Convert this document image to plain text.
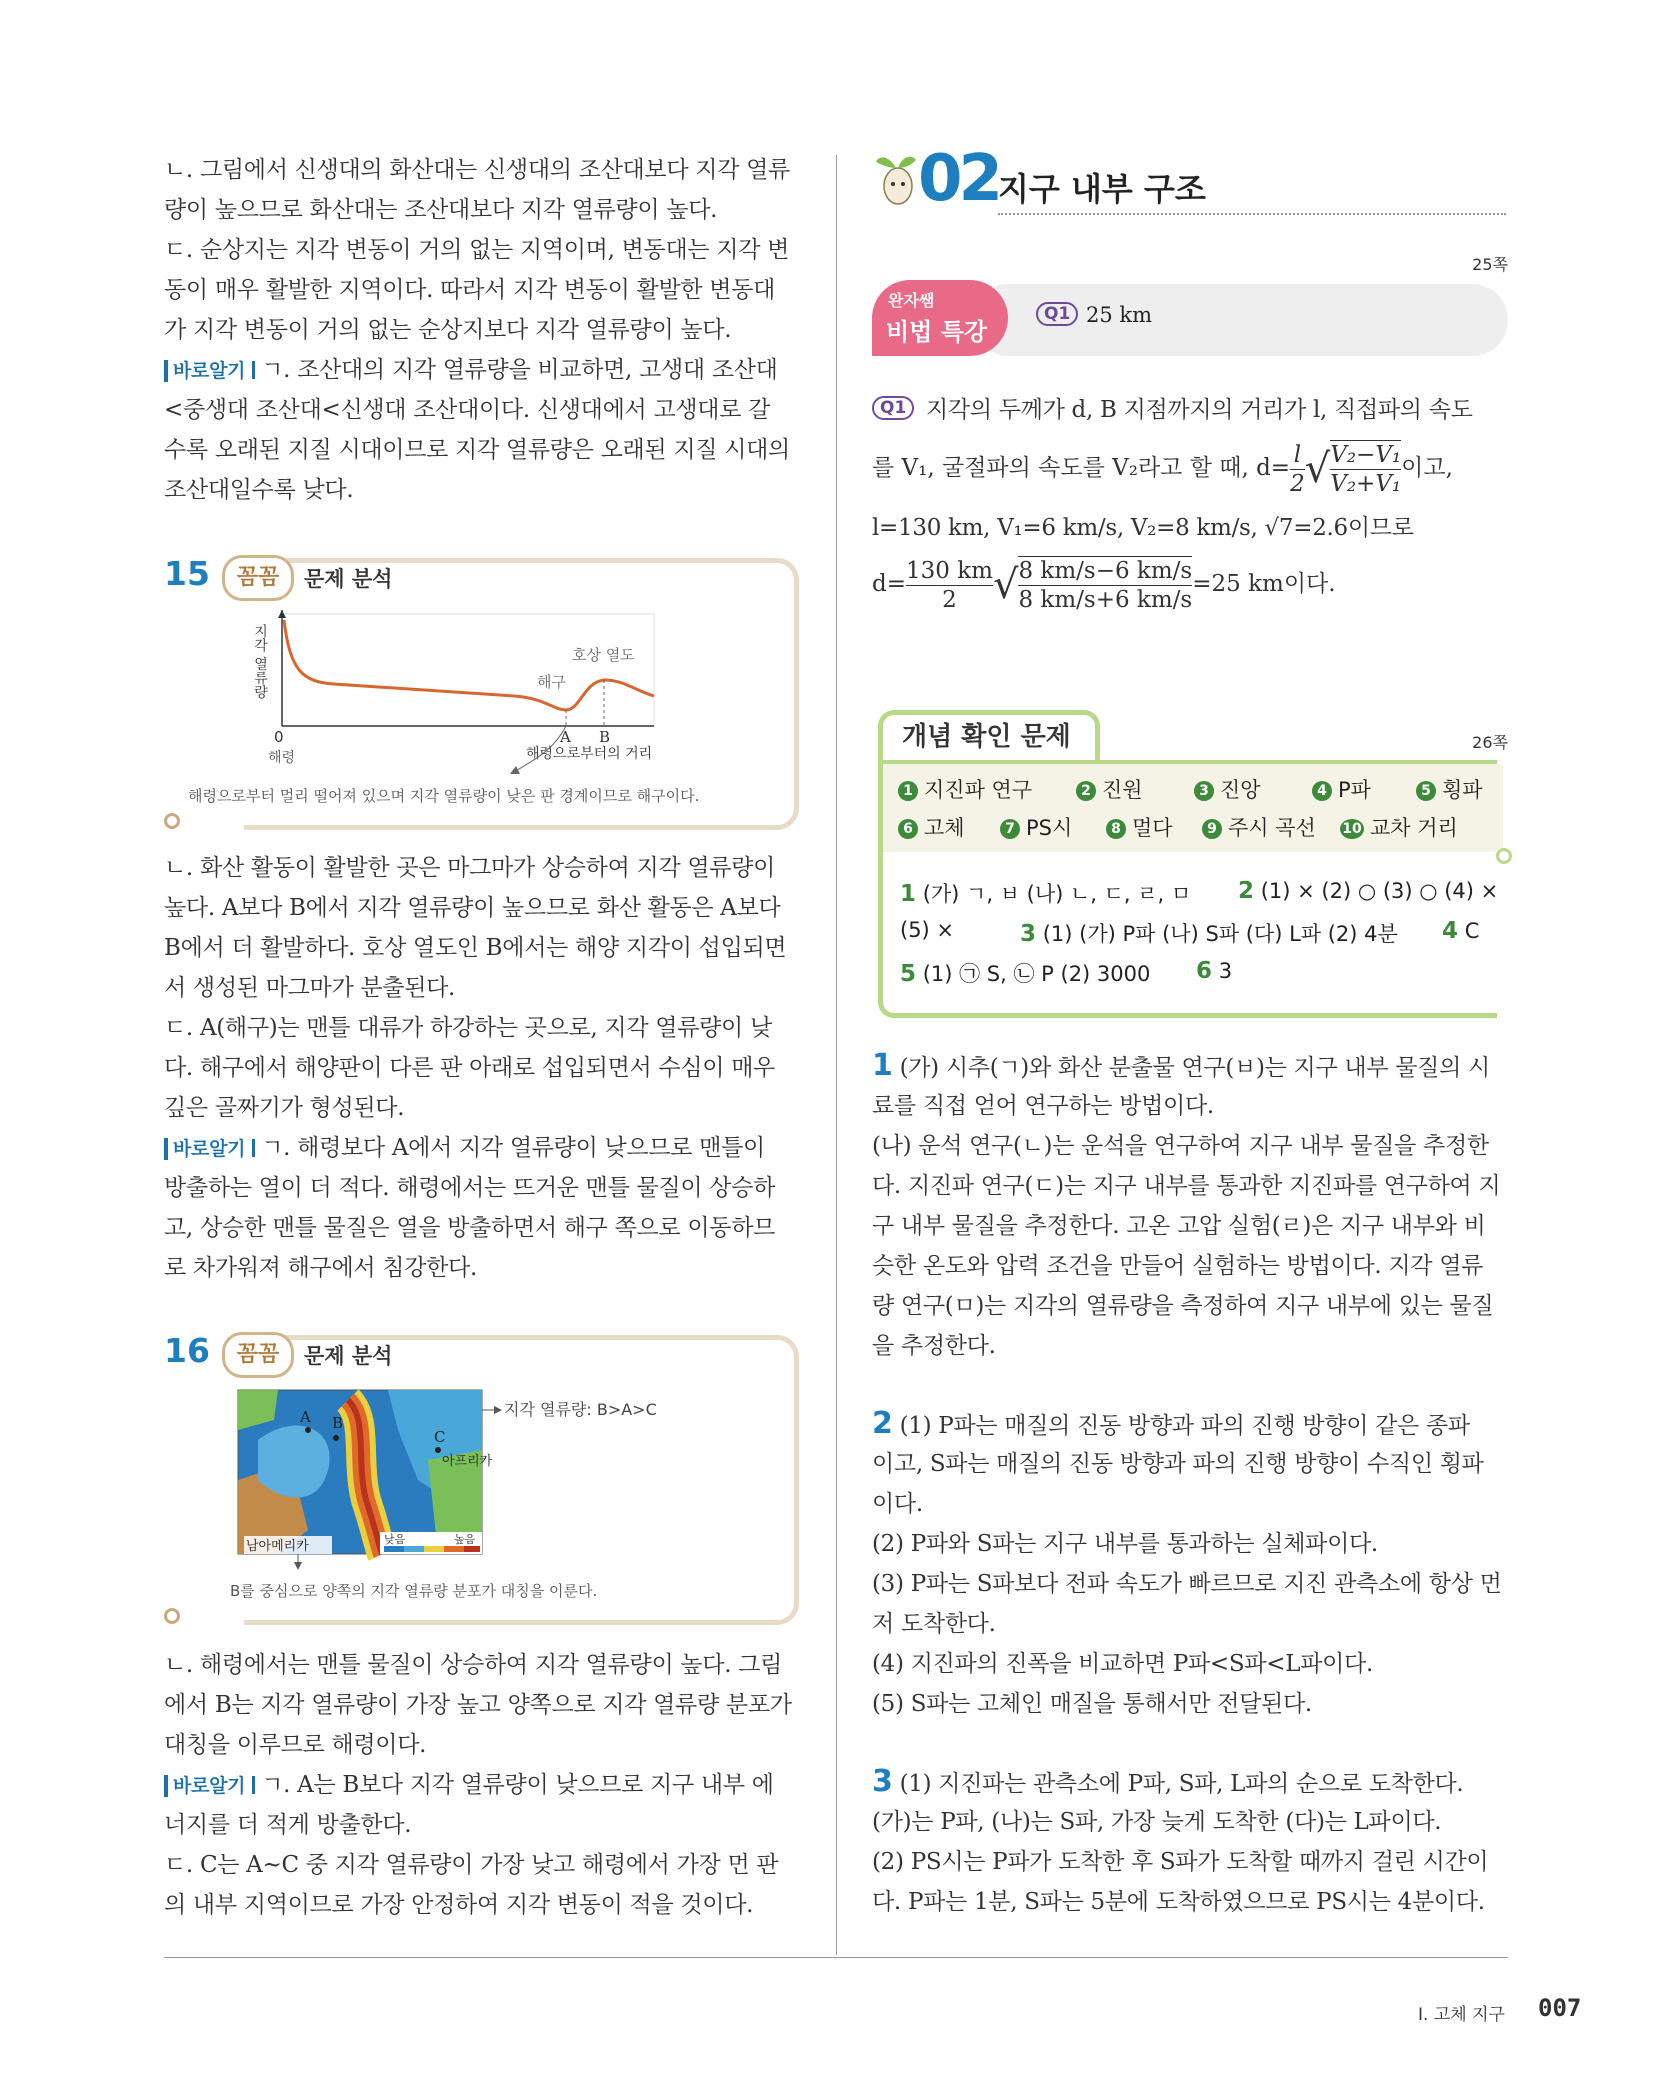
ㄴ. 그림에서 신생대의 화산대는 신생대의 조산대보다 지각 열류

량이 높으므로 화산대는 조산대보다 지각 열류량이 높다.

ㄷ. 순상지는 지각 변동이 거의 없는 지역이며, 변동대는 지각 변

동이 매우 활발한 지역이다. 따라서 지각 변동이 활발한 변동대

가 지각 변동이 거의 없는 순상지보다 지각 열류량이 높다.

바로알기 ㄱ. 조산대의 지각 열류량을 비교하면, 고생대 조산대

<중생대 조산대<신생대 조산대이다. 신생대에서 고생대로 갈

수록 오래된 지질 시대이므로 지각 열류량은 오래된 지질 시대의

조산대일수록 낮다.

15	꼼꼼	문제 분석
해구
호상 열도
A B
0
해령	해령으로부터의 거리
지각 열류량
해령으로부터 멀리 떨어져 있으며 지각 열류량이 낮은 판 경계이므로 해구이다.

ㄴ. 화산 활동이 활발한 곳은 마그마가 상승하여 지각 열류량이

높다. A보다 B에서 지각 열류량이 높으므로 화산 활동은 A보다

B에서 더 활발하다. 호상 열도인 B에서는 해양 지각이 섭입되면

서 생성된 마그마가 분출된다.

ㄷ. A(해구)는 맨틀 대류가 하강하는 곳으로, 지각 열류량이 낮

다. 해구에서 해양판이 다른 판 아래로 섭입되면서 수심이 매우

깊은 골짜기가 형성된다.

바로알기 ㄱ. 해령보다 A에서 지각 열류량이 낮으므로 맨틀이

방출하는 열이 더 적다. 해령에서는 뜨거운 맨틀 물질이 상승하

고, 상승한 맨틀 물질은 열을 방출하면서 해구 쪽으로 이동하므

로 차가워져 해구에서 침강한다.

16	꼼꼼	문제 분석
A B
C
아프리카
남아메리카	낮음	높음
지각 열류량: B>A>C
B를 중심으로 양쪽의 지각 열류량 분포가 대칭을 이룬다.

ㄴ. 해령에서는 맨틀 물질이 상승하여 지각 열류량이 높다. 그림

에서 B는 지각 열류량이 가장 높고 양쪽으로 지각 열류량 분포가

대칭을 이루므로 해령이다.

바로알기 ㄱ. A는 B보다 지각 열류량이 낮으므로 지구 내부 에

너지를 더 적게 방출한다.

ㄷ. C는 A~C 중 지각 열류량이 가장 낮고 해령에서 가장 먼 판

의 내부 지역이므로 가장 안정하여 지각 변동이 적을 것이다.

02
지구 내부 구조
25쪽
완자쌤
비법 특강
Q1 25 km
Q1 지각의 두께가 d, B 지점까지의 거리가 l, 직접파의 속도

를 V₁, 굴절파의 속도를 V₂라고 할 때, $d= \frac{l}{2}$ √ $\frac{\text{V₂−V₁}}{\text{V₂+V₁}}$ 이고,

l=130 km, V₁=6 km/s, V₂=8 km/s, √7=2.6이므로

$d= \frac{130 km}{2}$ √ $\frac{8 km/s-6 km/s}{8 km/s+6 km/s} =25$ km이다.
개념 확인 문제	26쪽
1 지진파 연구	2 진원	3 진앙	4 P파	5 횡파
6 고체	7 PS시	8 멀다	9 주시 곡선 10 교차 거리
1 (가) ㄱ, ㅂ (나) ㄴ, ㄷ, ㄹ, ㅁ 2 (1) × (2) ○ (3) ○ (4) ×
(5) ×	3 (1) (가) P파 (나) S파 (다) L파 (2) 4분 4 C
5 (1) ㉠ S, ㉡ P (2) 3000 6 3

1 (가) 시추(ㄱ)와 화산 분출물 연구(ㅂ)는 지구 내부 물질의 시

료를 직접 얻어 연구하는 방법이다.

(나) 운석 연구(ㄴ)는 운석을 연구하여 지구 내부 물질을 추정한

다. 지진파 연구(ㄷ)는 지구 내부를 통과한 지진파를 연구하여 지

구 내부 물질을 추정한다. 고온 고압 실험(ㄹ)은 지구 내부와 비

슷한 온도와 압력 조건을 만들어 실험하는 방법이다. 지각 열류

량 연구(ㅁ)는 지각의 열류량을 측정하여 지구 내부에 있는 물질

을 추정한다.

2 (1) P파는 매질의 진동 방향과 파의 진행 방향이 같은 종파

이고, S파는 매질의 진동 방향과 파의 진행 방향이 수직인 횡파

이다.

(2) P파와 S파는 지구 내부를 통과하는 실체파이다.

(3) P파는 S파보다 전파 속도가 빠르므로 지진 관측소에 항상 먼

저 도착한다.

(4) 지진파의 진폭을 비교하면 P파<S파<L파이다.

(5) S파는 고체인 매질을 통해서만 전달된다.

3 (1) 지진파는 관측소에 P파, S파, L파의 순으로 도착한다.

(가)는 P파, (나)는 S파, 가장 늦게 도착한 (다)는 L파이다.

(2) PS시는 P파가 도착한 후 S파가 도착할 때까지 걸린 시간이

다. P파는 1분, S파는 5분에 도착하였으므로 PS시는 4분이다.

Ⅰ. 고체 지구 007
